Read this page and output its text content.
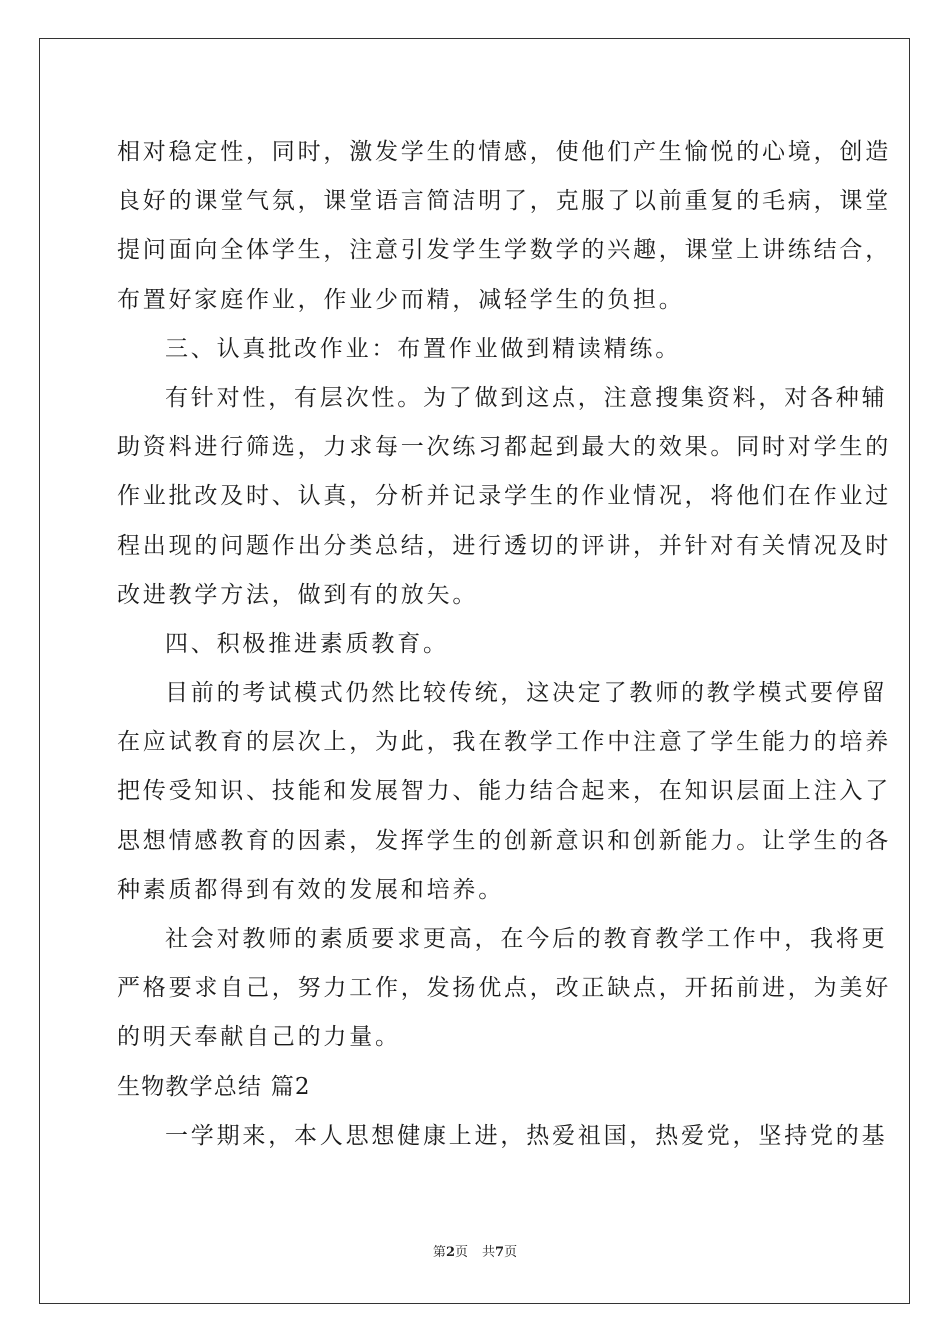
相对稳定性，同时，激发学生的情感，使他们产生愉悦的心境，创造
良好的课堂气氛，课堂语言简洁明了，克服了以前重复的毛病，课堂
提问面向全体学生，注意引发学生学数学的兴趣，课堂上讲练结合，
布置好家庭作业，作业少而精，减轻学生的负担。
三、认真批改作业：布置作业做到精读精练。
有针对性，有层次性。为了做到这点，注意搜集资料，对各种辅
助资料进行筛选，力求每一次练习都起到最大的效果。同时对学生的
作业批改及时、认真，分析并记录学生的作业情况，将他们在作业过
程出现的问题作出分类总结，进行透切的评讲，并针对有关情况及时
改进教学方法，做到有的放矢。
四、积极推进素质教育。
目前的考试模式仍然比较传统，这决定了教师的教学模式要停留
在应试教育的层次上，为此，我在教学工作中注意了学生能力的培养
把传受知识、技能和发展智力、能力结合起来，在知识层面上注入了
思想情感教育的因素，发挥学生的创新意识和创新能力。让学生的各
种素质都得到有效的发展和培养。
社会对教师的素质要求更高，在今后的教育教学工作中，我将更
严格要求自己，努力工作，发扬优点，改正缺点，开拓前进，为美好
的明天奉献自己的力量。
生物教学总结 篇2
一学期来，本人思想健康上进，热爱祖国，热爱党，坚持党的基
第2页 共7页
